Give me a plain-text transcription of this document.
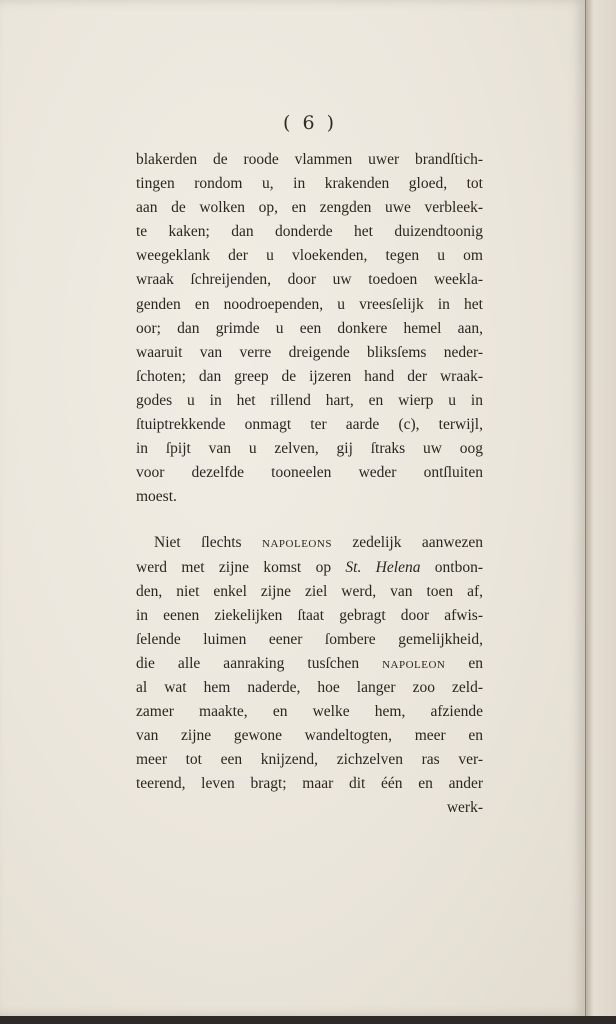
( 6 )
blakerden de roode vlammen uwer brandſtich-
tingen rondom u, in krakenden gloed, tot
aan de wolken op, en zengden uwe verbleek-
te kaken; dan donderde het duizendtoonig
weegeklank der u vloekenden, tegen u om
wraak ſchreijenden, door uw toedoen weekla-
genden en noodroependen, u vreesſelijk in het
oor; dan grimde u een donkere hemel aan,
waaruit van verre dreigende bliksſems neder-
ſchoten; dan greep de ijzeren hand der wraak-
godes u in het rillend hart, en wierp u in
ſtuiptrekkende onmagt ter aarde (c), terwijl,
in ſpijt van u zelven, gij ſtraks uw oog
voor dezelfde tooneelen weder ontſluiten
moest.
Niet ſlechts napoleons zedelijk aanwezen
werd met zijne komst op St. Helena ontbon-
den, niet enkel zijne ziel werd, van toen af,
in eenen ziekelijken ſtaat gebragt door afwis-
ſelende luimen eener ſombere gemelijkheid,
die alle aanraking tusſchen napoleon en
al wat hem naderde, hoe langer zoo zeld-
zamer maakte, en welke hem, afziende
van zijne gewone wandeltogten, meer en
meer tot een knijzend, zichzelven ras ver-
teerend, leven bragt; maar dit één en ander
werk-
